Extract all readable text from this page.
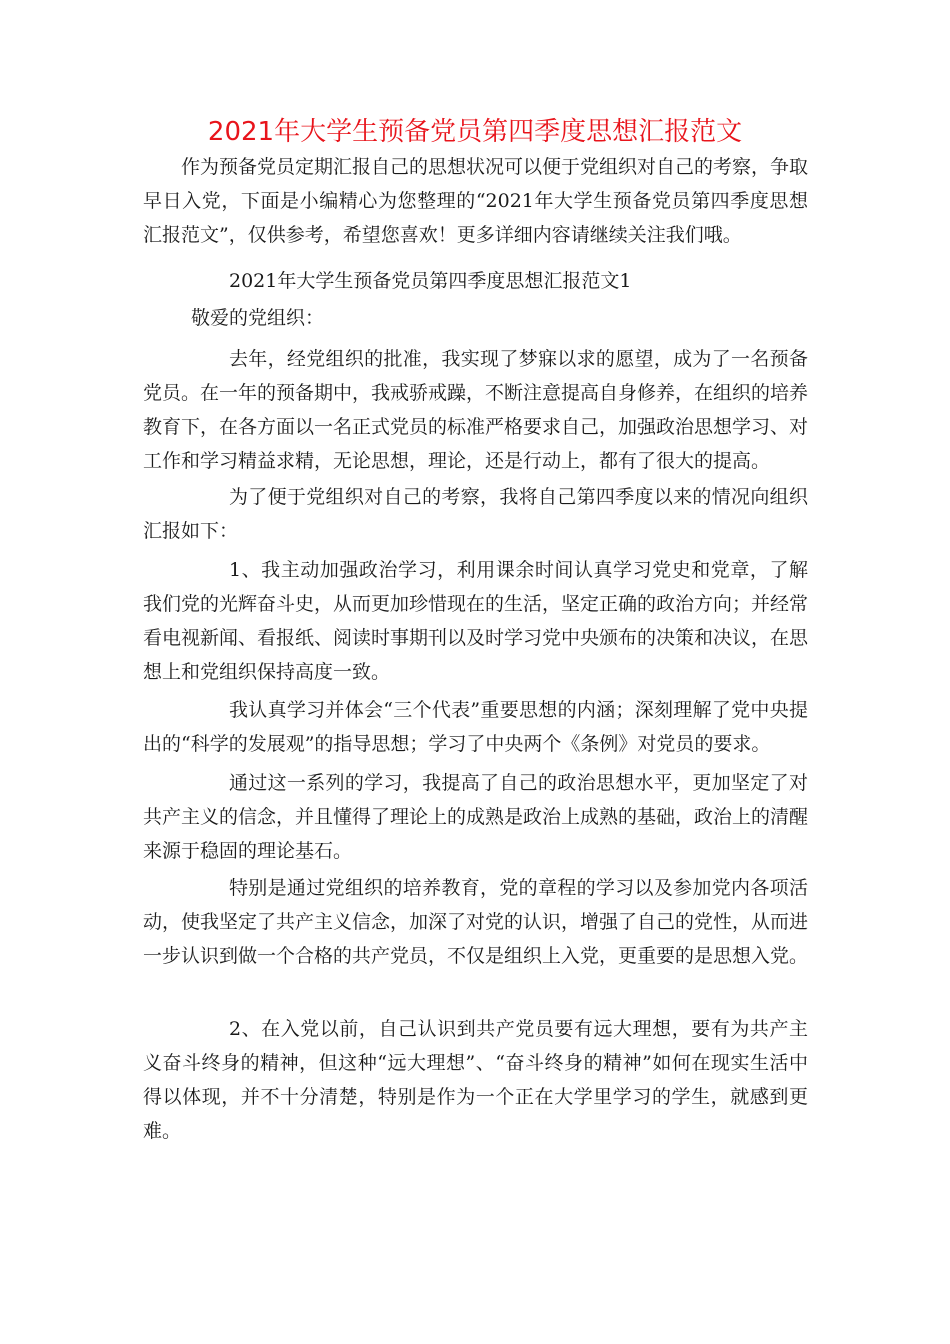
2021年大学生预备党员第四季度思想汇报范文

作为预备党员定期汇报自己的思想状况可以便于党组织对自己的考察，争取早日入党，下面是小编精心为您整理的“2021年大学生预备党员第四季度思想汇报范文”，仅供参考，希望您喜欢！更多详细内容请继续关注我们哦。

2021年大学生预备党员第四季度思想汇报范文1

敬爱的党组织：

去年，经党组织的批准，我实现了梦寐以求的愿望，成为了一名预备党员。在一年的预备期中，我戒骄戒躁，不断注意提高自身修养，在组织的培养教育下，在各方面以一名正式党员的标准严格要求自己，加强政治思想学习、对工作和学习精益求精，无论思想，理论，还是行动上，都有了很大的提高。

为了便于党组织对自己的考察，我将自己第四季度以来的情况向组织汇报如下：

1、我主动加强政治学习，利用课余时间认真学习党史和党章，了解我们党的光辉奋斗史，从而更加珍惜现在的生活，坚定正确的政治方向；并经常看电视新闻、看报纸、阅读时事期刊以及时学习党中央颁布的决策和决议，在思想上和党组织保持高度一致。

我认真学习并体会“三个代表”重要思想的内涵；深刻理解了党中央提出的“科学的发展观”的指导思想；学习了中央两个《条例》对党员的要求。

通过这一系列的学习，我提高了自己的政治思想水平，更加坚定了对共产主义的信念，并且懂得了理论上的成熟是政治上成熟的基础，政治上的清醒来源于稳固的理论基石。

特别是通过党组织的培养教育，党的章程的学习以及参加党内各项活动，使我坚定了共产主义信念，加深了对党的认识，增强了自己的党性，从而进一步认识到做一个合格的共产党员，不仅是组织上入党，更重要的是思想入党。

2、在入党以前，自己认识到共产党员要有远大理想，要有为共产主义奋斗终身的精神，但这种“远大理想”、“奋斗终身的精神”如何在现实生活中得以体现，并不十分清楚，特别是作为一个正在大学里学习的学生，就感到更难。
